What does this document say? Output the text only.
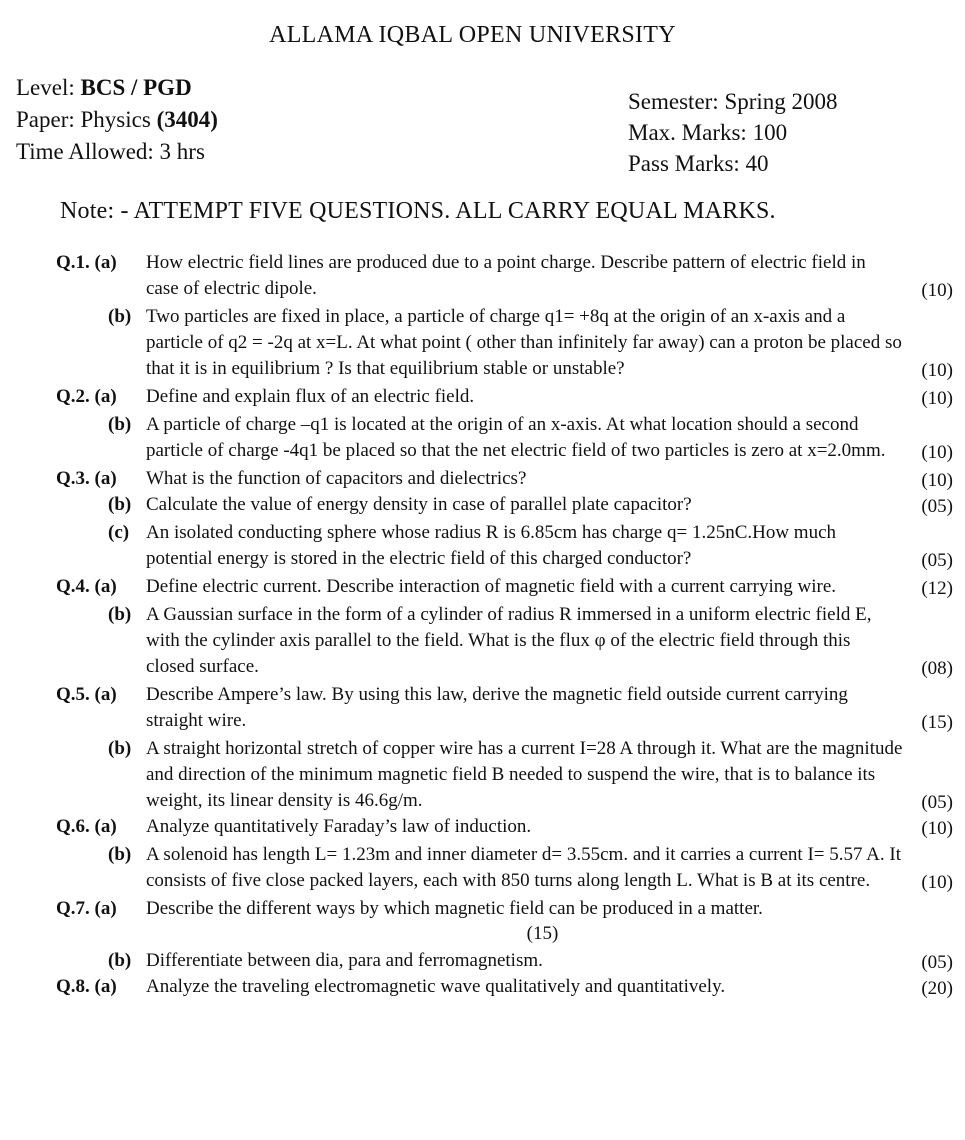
ALLAMA IQBAL OPEN UNIVERSITY
Level: BCS / PGD
Paper: Physics (3404)
Time Allowed: 3 hrs
Semester: Spring 2008
Max. Marks: 100
Pass Marks: 40
Note: - ATTEMPT FIVE QUESTIONS. ALL CARRY EQUAL MARKS.
Q.1. (a) How electric field lines are produced due to a point charge. Describe pattern of electric field in case of electric dipole.	(10)
(b) Two particles are fixed in place, a particle of charge q1= +8q at the origin of an x-axis and a particle of q2 = -2q at x=L. At what point ( other than infinitely far away) can a proton be placed so that it is in equilibrium ? Is that equilibrium stable or unstable?	(10)
Q.2. (a) Define and explain flux of an electric field.	(10)
(b) A particle of charge –q1 is located at the origin of an x-axis. At what location should a second particle of charge -4q1 be placed so that the net electric field of two particles is zero at x=2.0mm.	(10)
Q.3. (a) What is the function of capacitors and dielectrics?	(10)
(b) Calculate the value of energy density in case of parallel plate capacitor?	(05)
(c) An isolated conducting sphere whose radius R is 6.85cm has charge q= 1.25nC.How much potential energy is stored in the electric field of this charged conductor?	(05)
Q.4. (a) Define electric current. Describe interaction of magnetic field with a current carrying wire.	(12)
(b) A Gaussian surface in the form of a cylinder of radius R immersed in a uniform electric field E, with the cylinder axis parallel to the field. What is the flux φ of the electric field through this closed surface.	(08)
Q.5. (a) Describe Ampere’s law. By using this law, derive the magnetic field outside current carrying straight wire.	(15)
(b) A straight horizontal stretch of copper wire has a current I=28 A through it. What are the magnitude and direction of the minimum magnetic field B needed to suspend the wire, that is to balance its weight, its linear density is 46.6g/m.	(05)
Q.6. (a) Analyze quantitatively Faraday’s law of induction.	(10)
(b) A solenoid has length L= 1.23m and inner diameter d= 3.55cm. and it carries a current I= 5.57 A. It consists of five close packed layers, each with 850 turns along length L. What is B at its centre.	(10)
Q.7. (a) Describe the different ways by which magnetic field can be produced in a matter.
(15)
(b) Differentiate between dia, para and ferromagnetism.	(05)
Q.8. (a) Analyze the traveling electromagnetic wave qualitatively and quantitatively.	(20)
